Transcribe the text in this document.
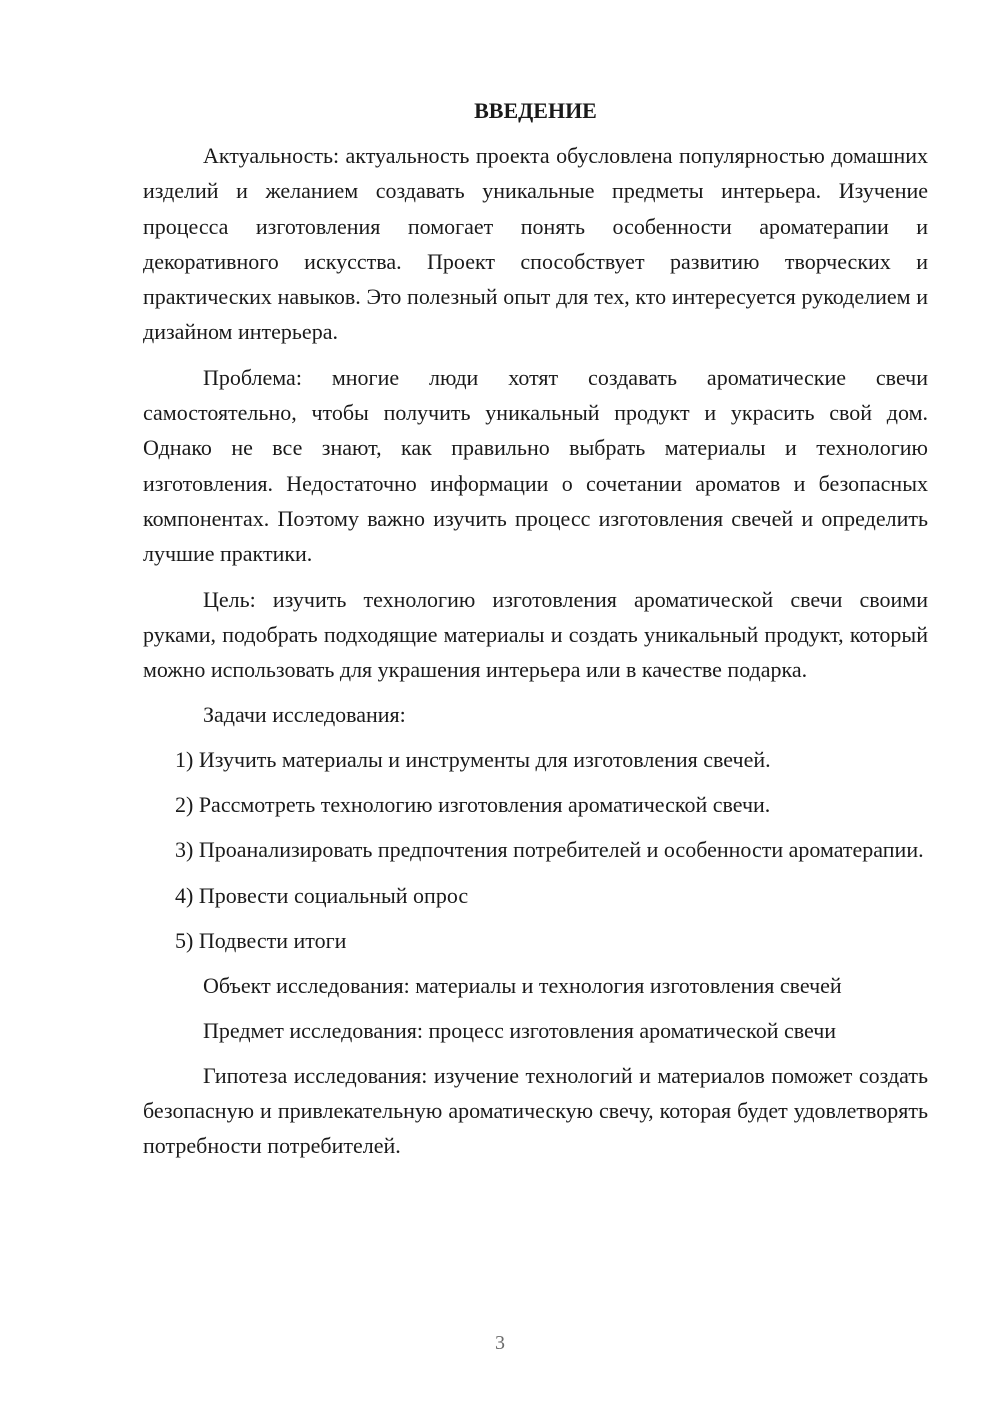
ВВЕДЕНИЕ

Актуальность: актуальность проекта обусловлена популярностью домашних изделий и желанием создавать уникальные предметы интерьера. Изучение процесса изготовления помогает понять особенности ароматерапии и декоративного искусства. Проект способствует развитию творческих и практических навыков. Это полезный опыт для тех, кто интересуется рукоделием и дизайном интерьера.

Проблема: многие люди хотят создавать ароматические свечи самостоятельно, чтобы получить уникальный продукт и украсить свой дом. Однако не все знают, как правильно выбрать материалы и технологию изготовления. Недостаточно информации о сочетании ароматов и безопасных компонентах. Поэтому важно изучить процесс изготовления свечей и определить лучшие практики.

Цель: изучить технологию изготовления ароматической свечи своими руками, подобрать подходящие материалы и создать уникальный продукт, который можно использовать для украшения интерьера или в качестве подарка.

Задачи исследования:
1) Изучить материалы и инструменты для изготовления свечей.
2) Рассмотреть технологию изготовления ароматической свечи.

3) Проанализировать предпочтения потребителей и особенности ароматерапии.

4) Провести социальный опрос
5) Подвести итоги
Объект исследования: материалы и технология изготовления свечей
Предмет исследования: процесс изготовления ароматической свечи

Гипотеза исследования: изучение технологий и материалов поможет создать безопасную и привлекательную ароматическую свечу, которая будет удовлетворять потребности потребителей.

3
